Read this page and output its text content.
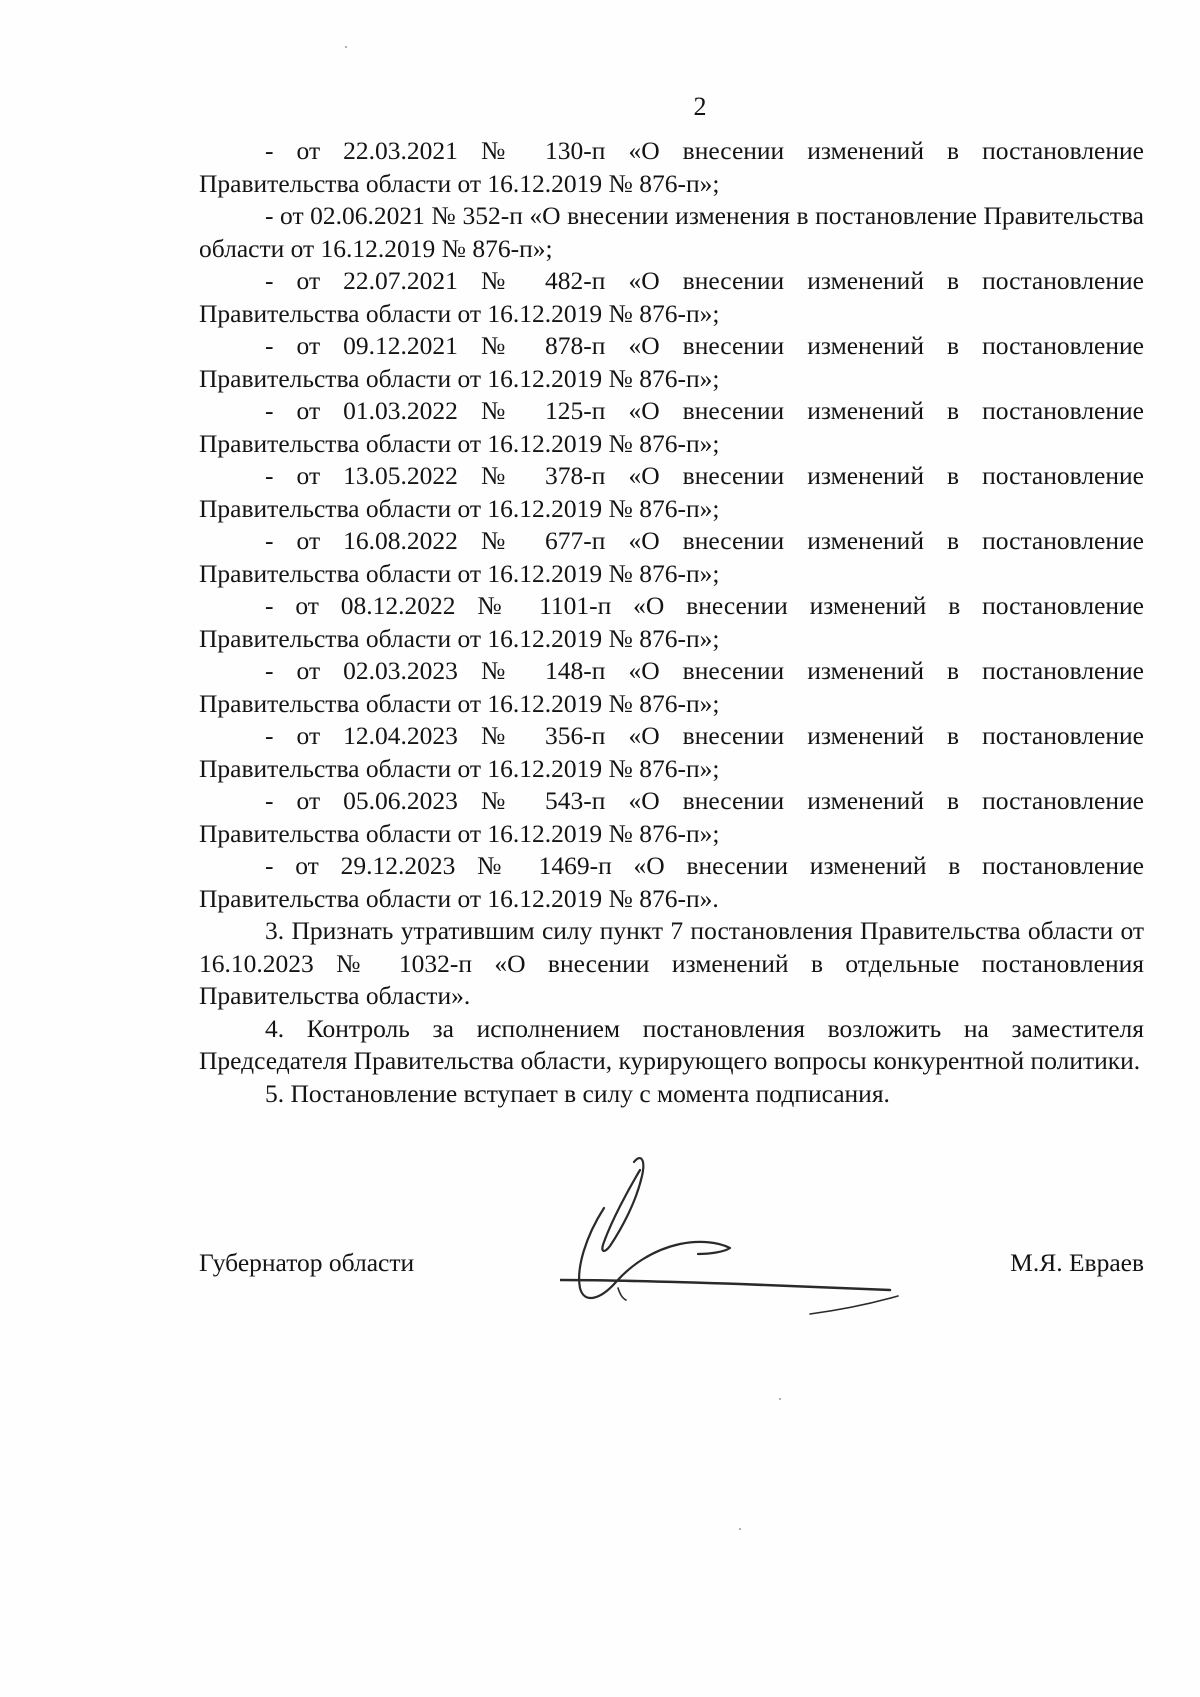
2

- от 22.03.2021 № 130-п «О внесении изменений в постановление Правительства области от 16.12.2019 № 876-п»;

- от 02.06.2021 № 352-п «О внесении изменения в постановление Правительства области от 16.12.2019 № 876-п»;

- от 22.07.2021 № 482-п «О внесении изменений в постановление Правительства области от 16.12.2019 № 876-п»;

- от 09.12.2021 № 878-п «О внесении изменений в постановление Правительства области от 16.12.2019 № 876-п»;

- от 01.03.2022 № 125-п «О внесении изменений в постановление Правительства области от 16.12.2019 № 876-п»;

- от 13.05.2022 № 378-п «О внесении изменений в постановление Правительства области от 16.12.2019 № 876-п»;

- от 16.08.2022 № 677-п «О внесении изменений в постановление Правительства области от 16.12.2019 № 876-п»;

- от 08.12.2022 № 1101-п «О внесении изменений в постановление Правительства области от 16.12.2019 № 876-п»;

- от 02.03.2023 № 148-п «О внесении изменений в постановление Правительства области от 16.12.2019 № 876-п»;

- от 12.04.2023 № 356-п «О внесении изменений в постановление Правительства области от 16.12.2019 № 876-п»;

- от 05.06.2023 № 543-п «О внесении изменений в постановление Правительства области от 16.12.2019 № 876-п»;

- от 29.12.2023 № 1469-п «О внесении изменений в постановление Правительства области от 16.12.2019 № 876-п».

3. Признать утратившим силу пункт 7 постановления Правительства области от 16.10.2023 № 1032-п «О внесении изменений в отдельные постановления Правительства области».

4. Контроль за исполнением постановления возложить на заместителя Председателя Правительства области, курирующего вопросы конкурентной политики.

5. Постановление вступает в силу с момента подписания.

Губернатор области	М.Я. Евраев
